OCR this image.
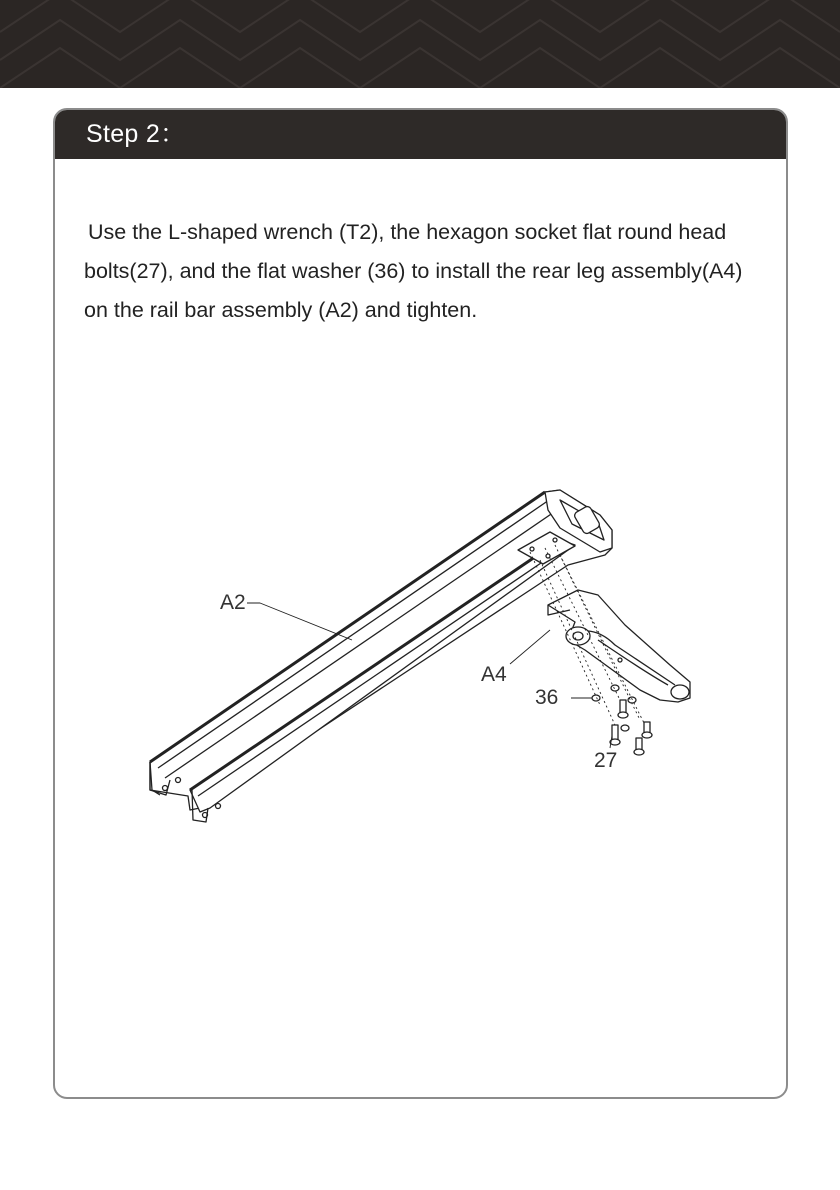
Step 2：

Use the L-shaped wrench (T2), the hexagon socket flat round head

bolts(27), and the flat washer (36) to install the rear leg assembly(A4)

on the rail bar assembly (A2) and tighten.

A2
A4
36
27
